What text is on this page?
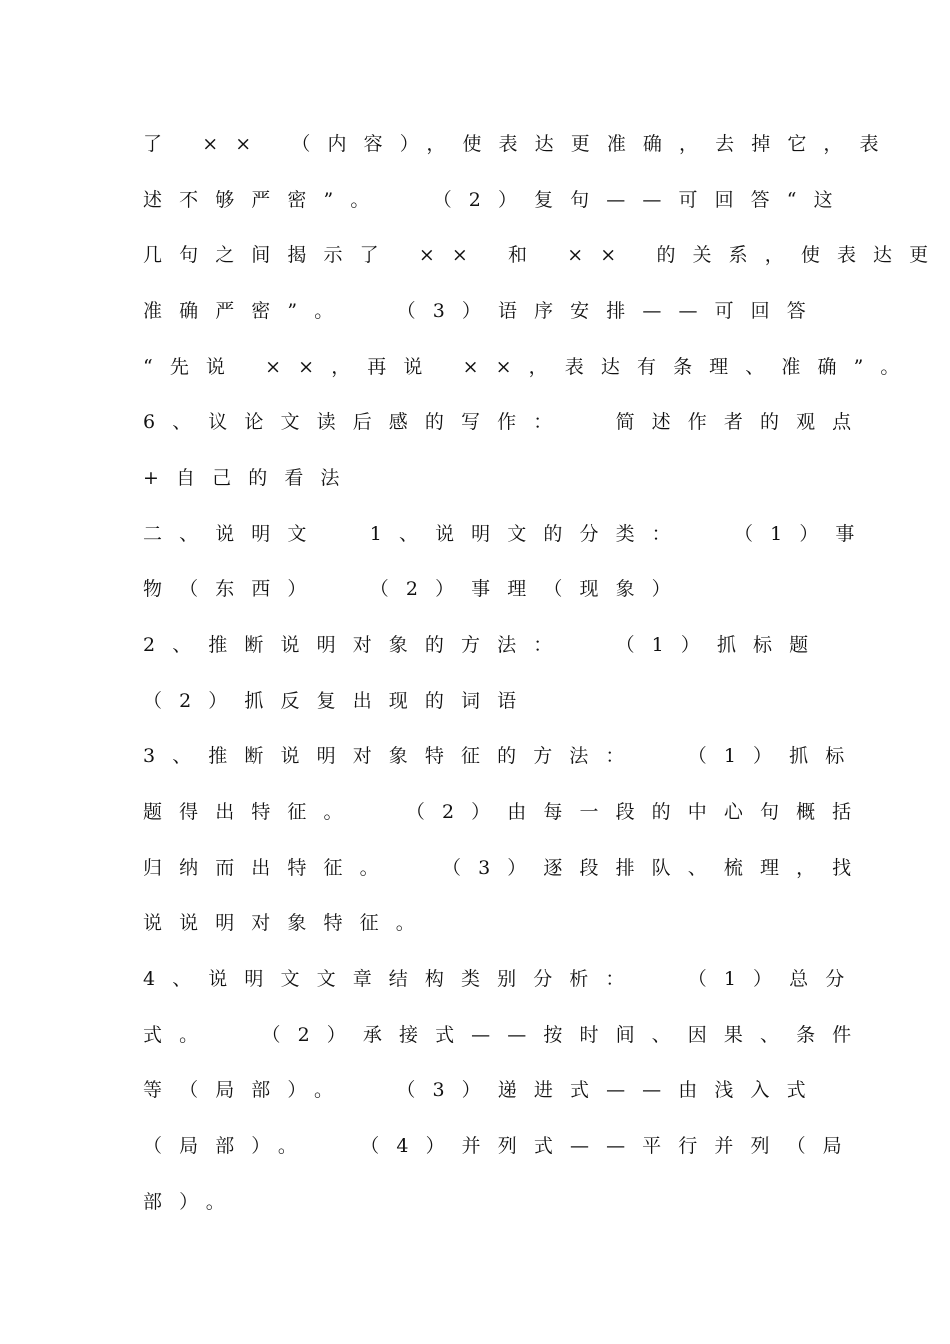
了 ×× （内容），使表达更准确，去掉它，表
述不够严密”。  （2）复句——可回答“这
几句之间揭示了 ×× 和 ×× 的关系，使表达更
准确严密”。  （3）语序安排——可回答
“先说 ××，再说 ××，表达有条理、准确”。
6、议论文读后感的写作：  简述作者的观点
+自己的看法
二、说明文  1、说明文的分类：  （1）事
物（东西）  （2）事理（现象）
2、推断说明对象的方法：  （1）抓标题
（2）抓反复出现的词语
3、推断说明对象特征的方法：  （1）抓标
题得出特征。  （2）由每一段的中心句概括
归纳而出特征。  （3）逐段排队、梳理，找
说说明对象特征。
4、说明文文章结构类别分析：  （1）总分
式。  （2）承接式——按时间、因果、条件
等（局部）。  （3）递进式——由浅入式
（局部）。  （4）并列式——平行并列（局
部）。
